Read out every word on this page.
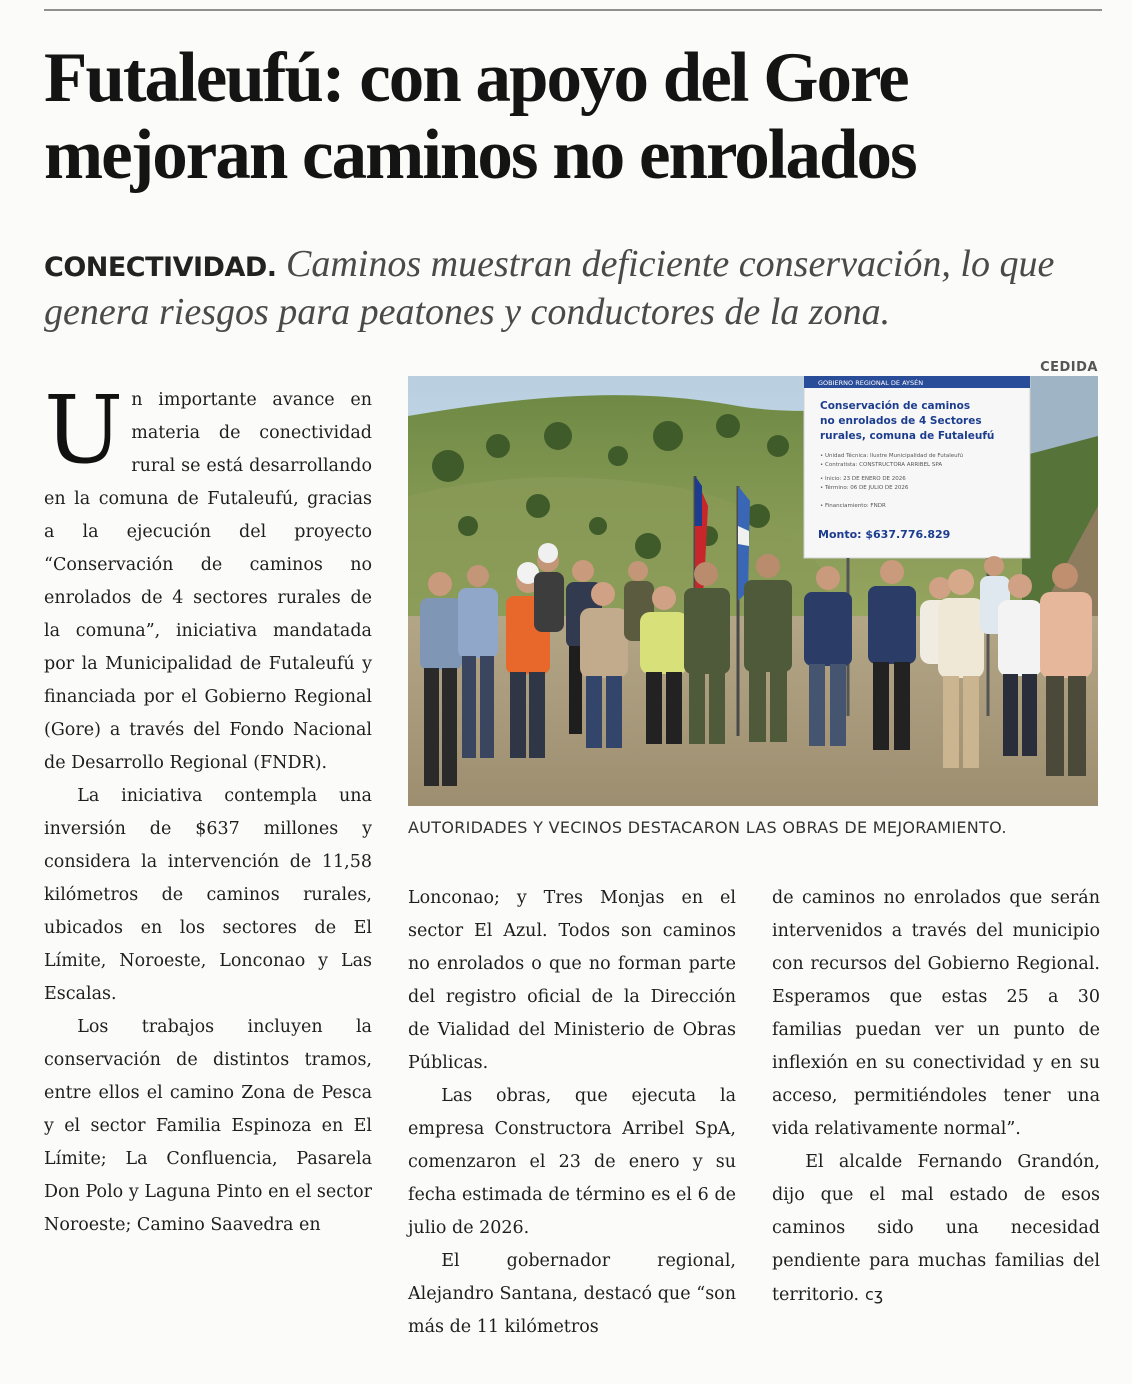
Futaleufú: con apoyo del Gore mejoran caminos no enrolados

CONECTIVIDAD. Caminos muestran deficiente conservación, lo que genera riesgos para peatones y conductores de la zona.

CEDIDA
GOBIERNO REGIONAL DE AYSÉN
Conservación de caminos
no enrolados de 4 Sectores
rurales, comuna de Futaleufú
• Unidad Técnica: Ilustre Municipalidad de Futaleufú
• Contratista: CONSTRUCTORA ARRIBEL SPA
• Inicio: 23 DE ENERO DE 2026
• Término: 06 DE JULIO DE 2026
• Financiamiento: FNDR
Monto: $637.776.829
AUTORIDADES Y VECINOS DESTACARON LAS OBRAS DE MEJORAMIENTO.

Un importante avance en materia de conectividad rural se está desarrollando en la comuna de Futaleufú, gracias a la ejecución del proyecto “Conservación de caminos no enrolados de 4 sectores rurales de la comuna”, iniciativa mandatada por la Municipalidad de Futaleufú y financiada por el Gobierno Regional (Gore) a través del Fondo Nacional de Desarrollo Regional (FNDR).

La iniciativa contempla una inversión de $637 millones y considera la intervención de 11,58 kilómetros de caminos rurales, ubicados en los sectores de El Límite, Noroeste, Lonconao y Las Escalas.

Los trabajos incluyen la conservación de distintos tramos, entre ellos el camino Zona de Pesca y el sector Familia Espinoza en El Límite; La Confluencia, Pasarela Don Polo y Laguna Pinto en el sector Noroeste; Camino Saavedra en

Lonconao; y Tres Monjas en el sector El Azul. Todos son caminos no enrolados o que no forman parte del registro oficial de la Dirección de Vialidad del Ministerio de Obras Públicas.

Las obras, que ejecuta la empresa Constructora Arribel SpA, comenzaron el 23 de enero y su fecha estimada de término es el 6 de julio de 2026.

El gobernador regional, Alejandro Santana, destacó que “son más de 11 kilómetros

de caminos no enrolados que serán intervenidos a través del municipio con recursos del Gobierno Regional. Esperamos que estas 25 a 30 familias puedan ver un punto de inflexión en su conectividad y en su acceso, permitiéndoles tener una vida relativamente normal”.

El alcalde Fernando Grandón, dijo que el mal estado de esos caminos sido una necesidad pendiente para muchas familias del territorio. ᴄʒ
